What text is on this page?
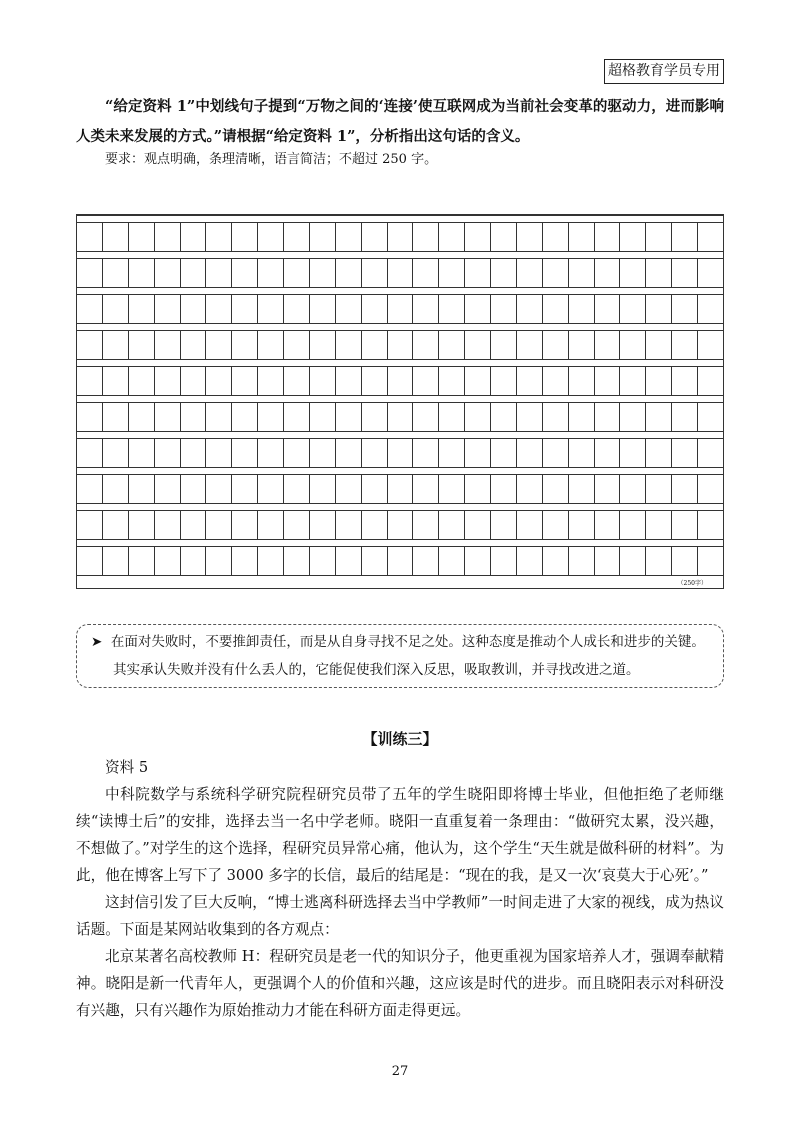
超格教育学员专用
“给定资料 1”中划线句子提到“万物之间的‘连接’使互联网成为当前社会变革的驱动力，进而影响人类未来发展的方式。”请根据“给定资料 1”，分析指出这句话的含义。
要求：观点明确，条理清晰，语言简洁；不超过 250 字。
（250字）
➤ 在面对失败时，不要推卸责任，而是从自身寻找不足之处。这种态度是推动个人成长和进步的关键。
其实承认失败并没有什么丢人的，它能促使我们深入反思，吸取教训，并寻找改进之道。
【训练三】

资料 5

中科院数学与系统科学研究院程研究员带了五年的学生晓阳即将博士毕业，但他拒绝了老师继续“读博士后”的安排，选择去当一名中学老师。晓阳一直重复着一条理由：“做研究太累，没兴趣，不想做了。”对学生的这个选择，程研究员异常心痛，他认为，这个学生“天生就是做科研的材料”。为此，他在博客上写下了 3000 多字的长信，最后的结尾是：“现在的我，是又一次‘哀莫大于心死’。”

这封信引发了巨大反响，“博士逃离科研选择去当中学教师”一时间走进了大家的视线，成为热议话题。下面是某网站收集到的各方观点：

北京某著名高校教师 H：程研究员是老一代的知识分子，他更重视为国家培养人才，强调奉献精神。晓阳是新一代青年人，更强调个人的价值和兴趣，这应该是时代的进步。而且晓阳表示对科研没有兴趣，只有兴趣作为原始推动力才能在科研方面走得更远。

27
